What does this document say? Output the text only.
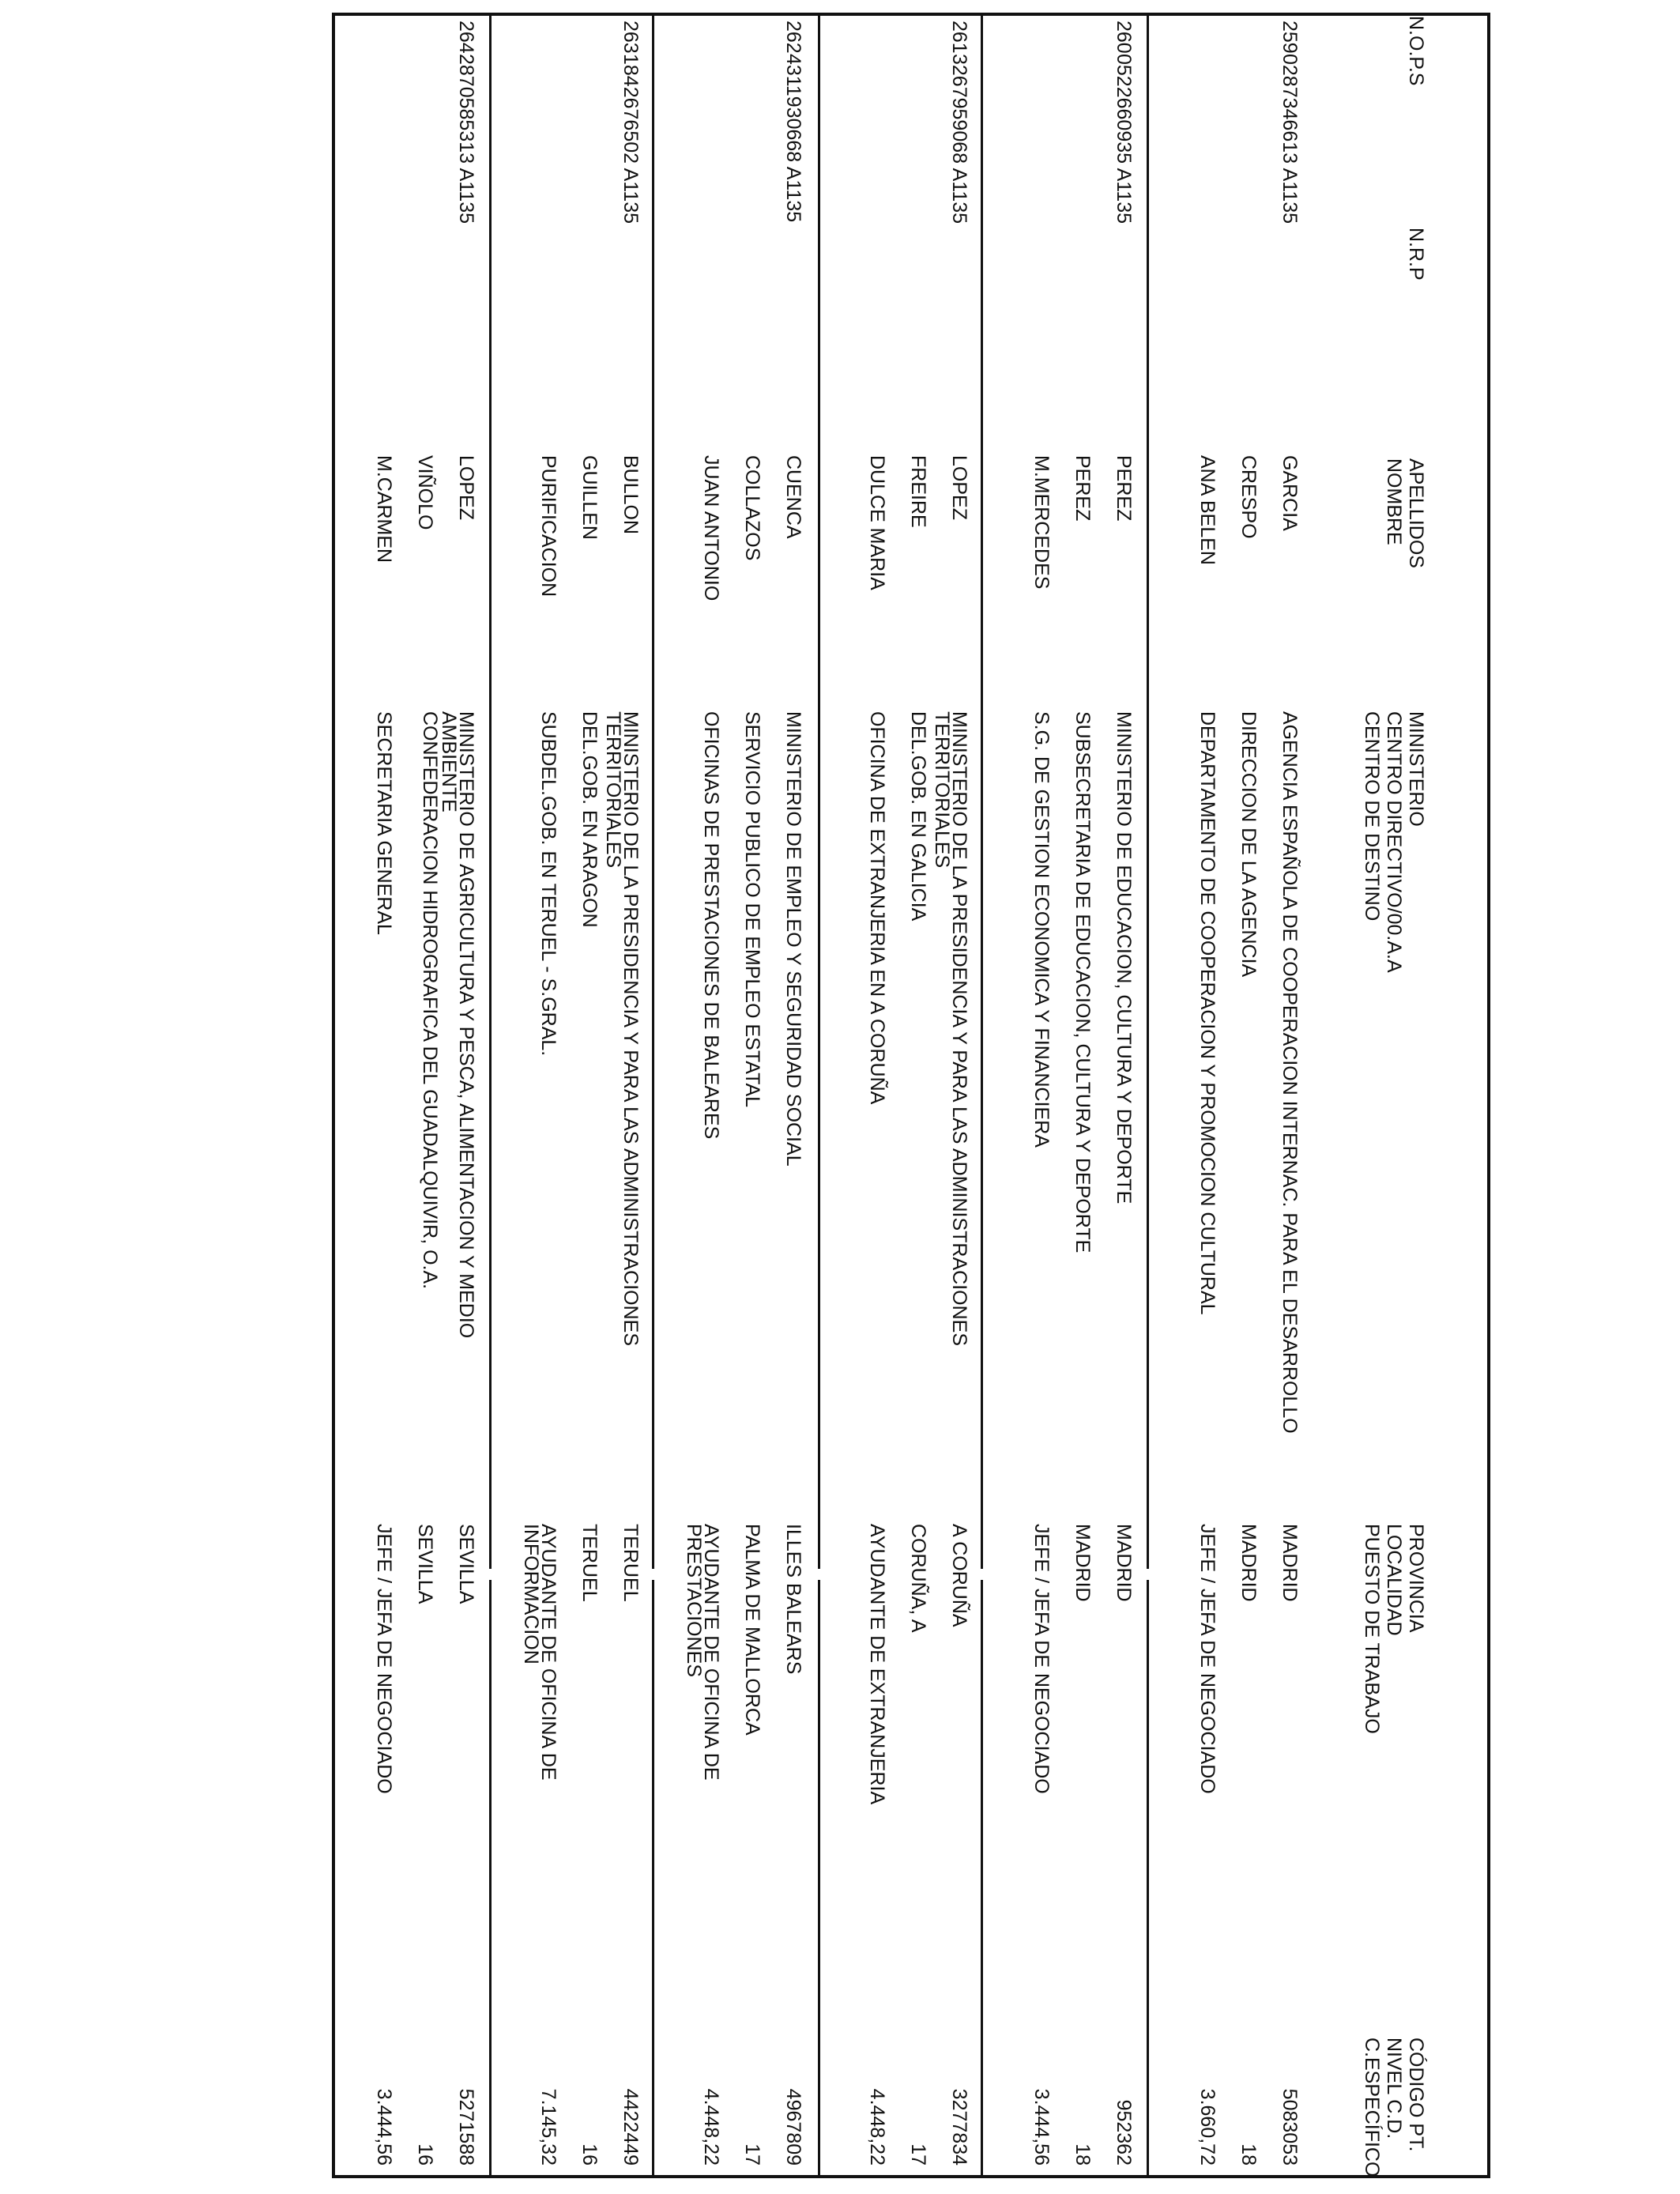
N.O.P.S
N.R.P
APELLIDOS
NOMBRE
MINISTERIO
CENTRO DIRECTIVO/00.A.A
CENTRO DE DESTINO
PROVINCIA
LOCALIDAD
PUESTO DE TRABAJO
CÓDIGO PT.
NIVEL C.D.
C.ESPECÍFICO
259
0287346613 A1135
GARCIA
CRESPO
ANA BELEN
AGENCIA ESPAÑOLA DE COOPERACION INTERNAC. PARA EL DESARROLLO
DIRECCION DE LA AGENCIA
DEPARTAMENTO DE COOPERACION Y PROMOCION CULTURAL
MADRID
MADRID
JEFE / JEFA DE NEGOCIADO
5083053
18
3.660,72
260
0522660935 A1135
PEREZ
PEREZ
M.MERCEDES
MINISTERIO DE EDUCACION, CULTURA Y DEPORTE
SUBSECRETARIA DE EDUCACION, CULTURA Y DEPORTE
S.G. DE GESTION ECONOMICA Y FINANCIERA
MADRID
MADRID
JEFE / JEFA DE NEGOCIADO
952362
18
3.444,56
261
3267959068 A1135
LOPEZ
FREIRE
DULCE MARIA
MINISTERIO DE LA PRESIDENCIA Y PARA LAS ADMINISTRACIONES
TERRITORIALES
DEL.GOB. EN GALICIA
OFICINA DE EXTRANJERIA EN A CORUÑA
A CORUÑA
CORUÑA, A
AYUDANTE DE EXTRANJERIA
3277834
17
4.448,22
262
4311930668 A1135
CUENCA
COLLAZOS
JUAN ANTONIO
MINISTERIO DE EMPLEO Y SEGURIDAD SOCIAL
SERVICIO PUBLICO DE EMPLEO ESTATAL
OFICINAS DE PRESTACIONES DE BALEARES
ILLES BALEARS
PALMA DE MALLORCA
AYUDANTE DE OFICINA DE
PRESTACIONES
4967809
17
4.448,22
263
1842676502 A1135
BULLON
GUILLEN
PURIFICACION
MINISTERIO DE LA PRESIDENCIA Y PARA LAS ADMINISTRACIONES
TERRITORIALES
DEL.GOB. EN ARAGON
SUBDEL.GOB. EN TERUEL - S.GRAL.
TERUEL
TERUEL
AYUDANTE DE OFICINA DE
INFORMACION
4422449
16
7.145,32
264
2870585313 A1135
LOPEZ
VIÑOLO
M.CARMEN
MINISTERIO DE AGRICULTURA Y PESCA, ALIMENTACION Y MEDIO
AMBIENTE
CONFEDERACION HIDROGRAFICA DEL GUADALQUIVIR, O.A.
SECRETARIA GENERAL
SEVILLA
SEVILLA
JEFE / JEFA DE NEGOCIADO
5271588
16
3.444,56
